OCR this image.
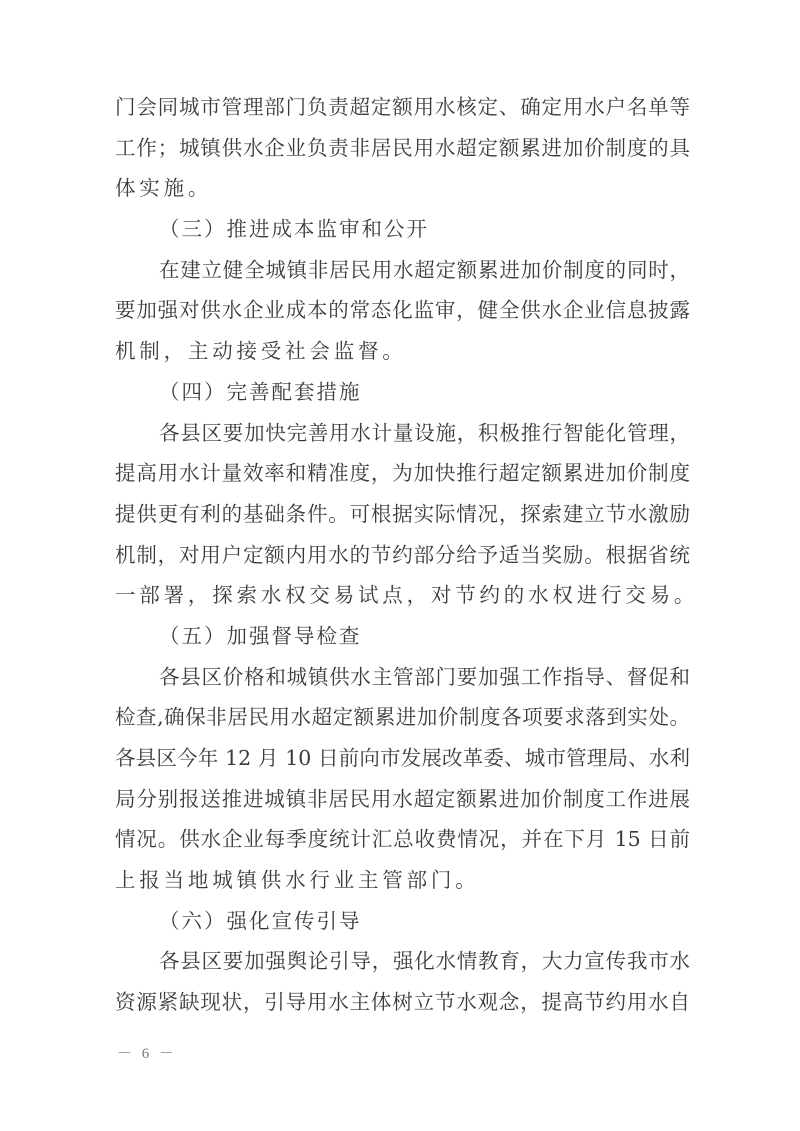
门会同城市管理部门负责超定额用水核定、确定用水户名单等
工作；城镇供水企业负责非居民用水超定额累进加价制度的具
体实施。
（三）推进成本监审和公开
在建立健全城镇非居民用水超定额累进加价制度的同时，
要加强对供水企业成本的常态化监审，健全供水企业信息披露
机制，主动接受社会监督。
（四）完善配套措施
各县区要加快完善用水计量设施，积极推行智能化管理，
提高用水计量效率和精准度，为加快推行超定额累进加价制度
提供更有利的基础条件。可根据实际情况，探索建立节水激励
机制，对用户定额内用水的节约部分给予适当奖励。根据省统
一部署，探索水权交易试点，对节约的水权进行交易。
（五）加强督导检查
各县区价格和城镇供水主管部门要加强工作指导、督促和
检查,确保非居民用水超定额累进加价制度各项要求落到实处。
各县区今年 12 月 10 日前向市发展改革委、城市管理局、水利
局分别报送推进城镇非居民用水超定额累进加价制度工作进展
情况。供水企业每季度统计汇总收费情况，并在下月 15 日前
上报当地城镇供水行业主管部门。
（六）强化宣传引导
各县区要加强舆论引导，强化水情教育，大力宣传我市水
资源紧缺现状，引导用水主体树立节水观念，提高节约用水自
－ 6 －
